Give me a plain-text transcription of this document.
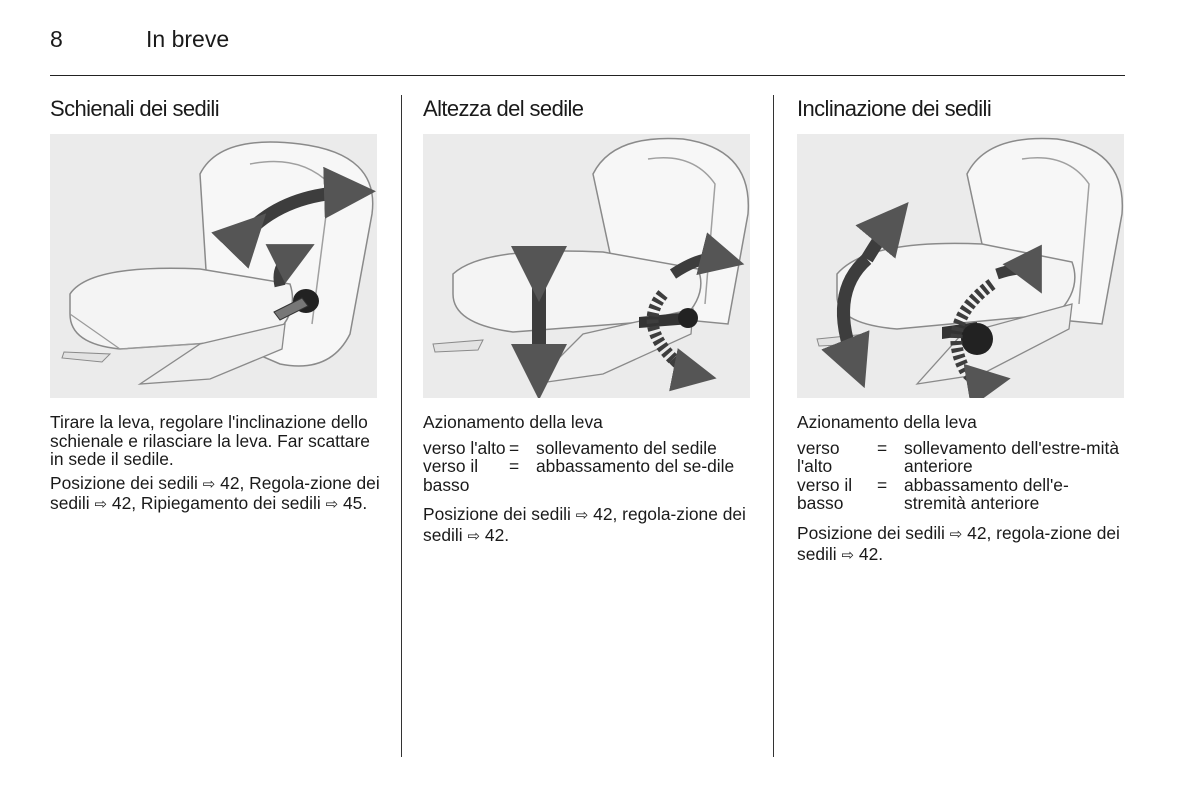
8	In breve
Schienali dei sedili

Tirare la leva, regolare l'inclinazione dello schienale e rilasciare la leva. Far scattare in sede il sedile.

Posizione dei sedili ⇨ 42, Regola-zione dei sedili ⇨ 42, Ripiegamento dei sedili ⇨ 45.

Altezza del sedile
Azionamento della leva
verso l'alto	=	sollevamento del sedile
verso il basso	=	abbassamento del se-dile

Posizione dei sedili ⇨ 42, regola-zione dei sedili ⇨ 42.

Inclinazione dei sedili
Azionamento della leva
verso l'alto	=	sollevamento dell'estre-mità anteriore
verso il basso	=	abbassamento dell'e-stremità anteriore

Posizione dei sedili ⇨ 42, regola-zione dei sedili ⇨ 42.
